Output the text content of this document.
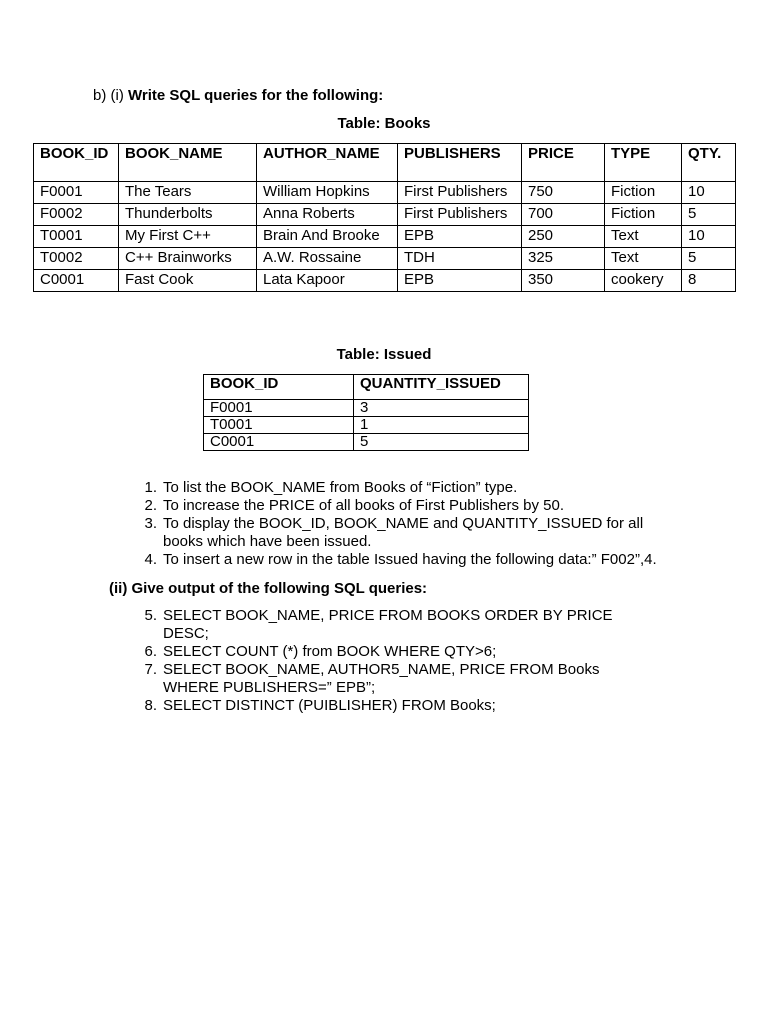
b) (i) Write SQL queries for the following:
Table: Books
BOOK_ID	BOOK_NAME	AUTHOR_NAME	PUBLISHERS	PRICE	TYPE	QTY.
F0001	The Tears	William Hopkins	First Publishers	750	Fiction	10
F0002	Thunderbolts	Anna Roberts	First Publishers	700	Fiction	5
T0001	My First C++	Brain And Brooke	EPB	250	Text	10
T0002	C++ Brainworks	A.W. Rossaine	TDH	325	Text	5
C0001	Fast Cook	Lata Kapoor	EPB	350	cookery	8
Table: Issued
BOOK_ID	QUANTITY_ISSUED
F0001	3
T0001	1
C0001	5
1. To list the BOOK_NAME from Books of “Fiction” type.
2. To increase the PRICE of all books of First Publishers by 50.
3. To display the BOOK_ID, BOOK_NAME and QUANTITY_ISSUED for all books which have been issued.
4. To insert a new row in the table Issued having the following data:” F002”,4.
(ii) Give output of the following SQL queries:
5. SELECT BOOK_NAME, PRICE FROM BOOKS ORDER BY PRICE DESC;
6. SELECT COUNT (*) from BOOK WHERE QTY>6;
7. SELECT BOOK_NAME, AUTHOR5_NAME, PRICE FROM Books WHERE PUBLISHERS=” EPB”;
8. SELECT DISTINCT (PUIBLISHER) FROM Books;
